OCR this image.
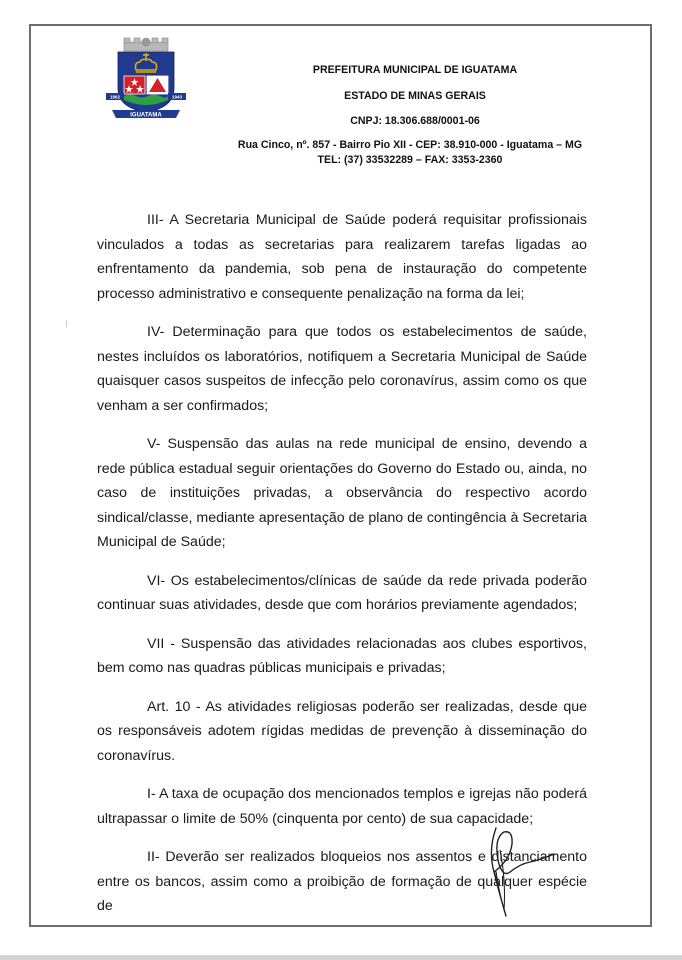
1962	1943
IGUATAMA
PREFEITURA MUNICIPAL DE IGUATAMA
ESTADO DE MINAS GERAIS
CNPJ: 18.306.688/0001-06
Rua Cinco, nº. 857 - Bairro Pio XII - CEP: 38.910-000 - Iguatama – MG
TEL: (37) 33532289 – FAX: 3353-2360

III- A Secretaria Municipal de Saúde poderá requisitar profissionais vinculados a todas as secretarias para realizarem tarefas ligadas ao enfrentamento da pandemia, sob pena de instauração do competente processo administrativo e consequente penalização na forma da lei;

IV- Determinação para que todos os estabelecimentos de saúde, nestes incluídos os laboratórios, notifiquem a Secretaria Municipal de Saúde quaisquer casos suspeitos de infecção pelo coronavírus, assim como os que venham a ser confirmados;

V- Suspensão das aulas na rede municipal de ensino, devendo a rede pública estadual seguir orientações do Governo do Estado ou, ainda, no caso de instituições privadas, a observância do respectivo acordo sindical/classe, mediante apresentação de plano de contingência à Secretaria Municipal de Saúde;

VI- Os estabelecimentos/clínicas de saúde da rede privada poderão continuar suas atividades, desde que com horários previamente agendados;

VII - Suspensão das atividades relacionadas aos clubes esportivos, bem como nas quadras públicas municipais e privadas;

Art. 10 - As atividades religiosas poderão ser realizadas, desde que os responsáveis adotem rígidas medidas de prevenção à disseminação do coronavírus.

I- A taxa de ocupação dos mencionados templos e igrejas não poderá ultrapassar o limite de 50% (cinquenta por cento) de sua capacidade;

II- Deverão ser realizados bloqueios nos assentos e distanciamento entre os bancos, assim como a proibição de formação de qualquer espécie de
